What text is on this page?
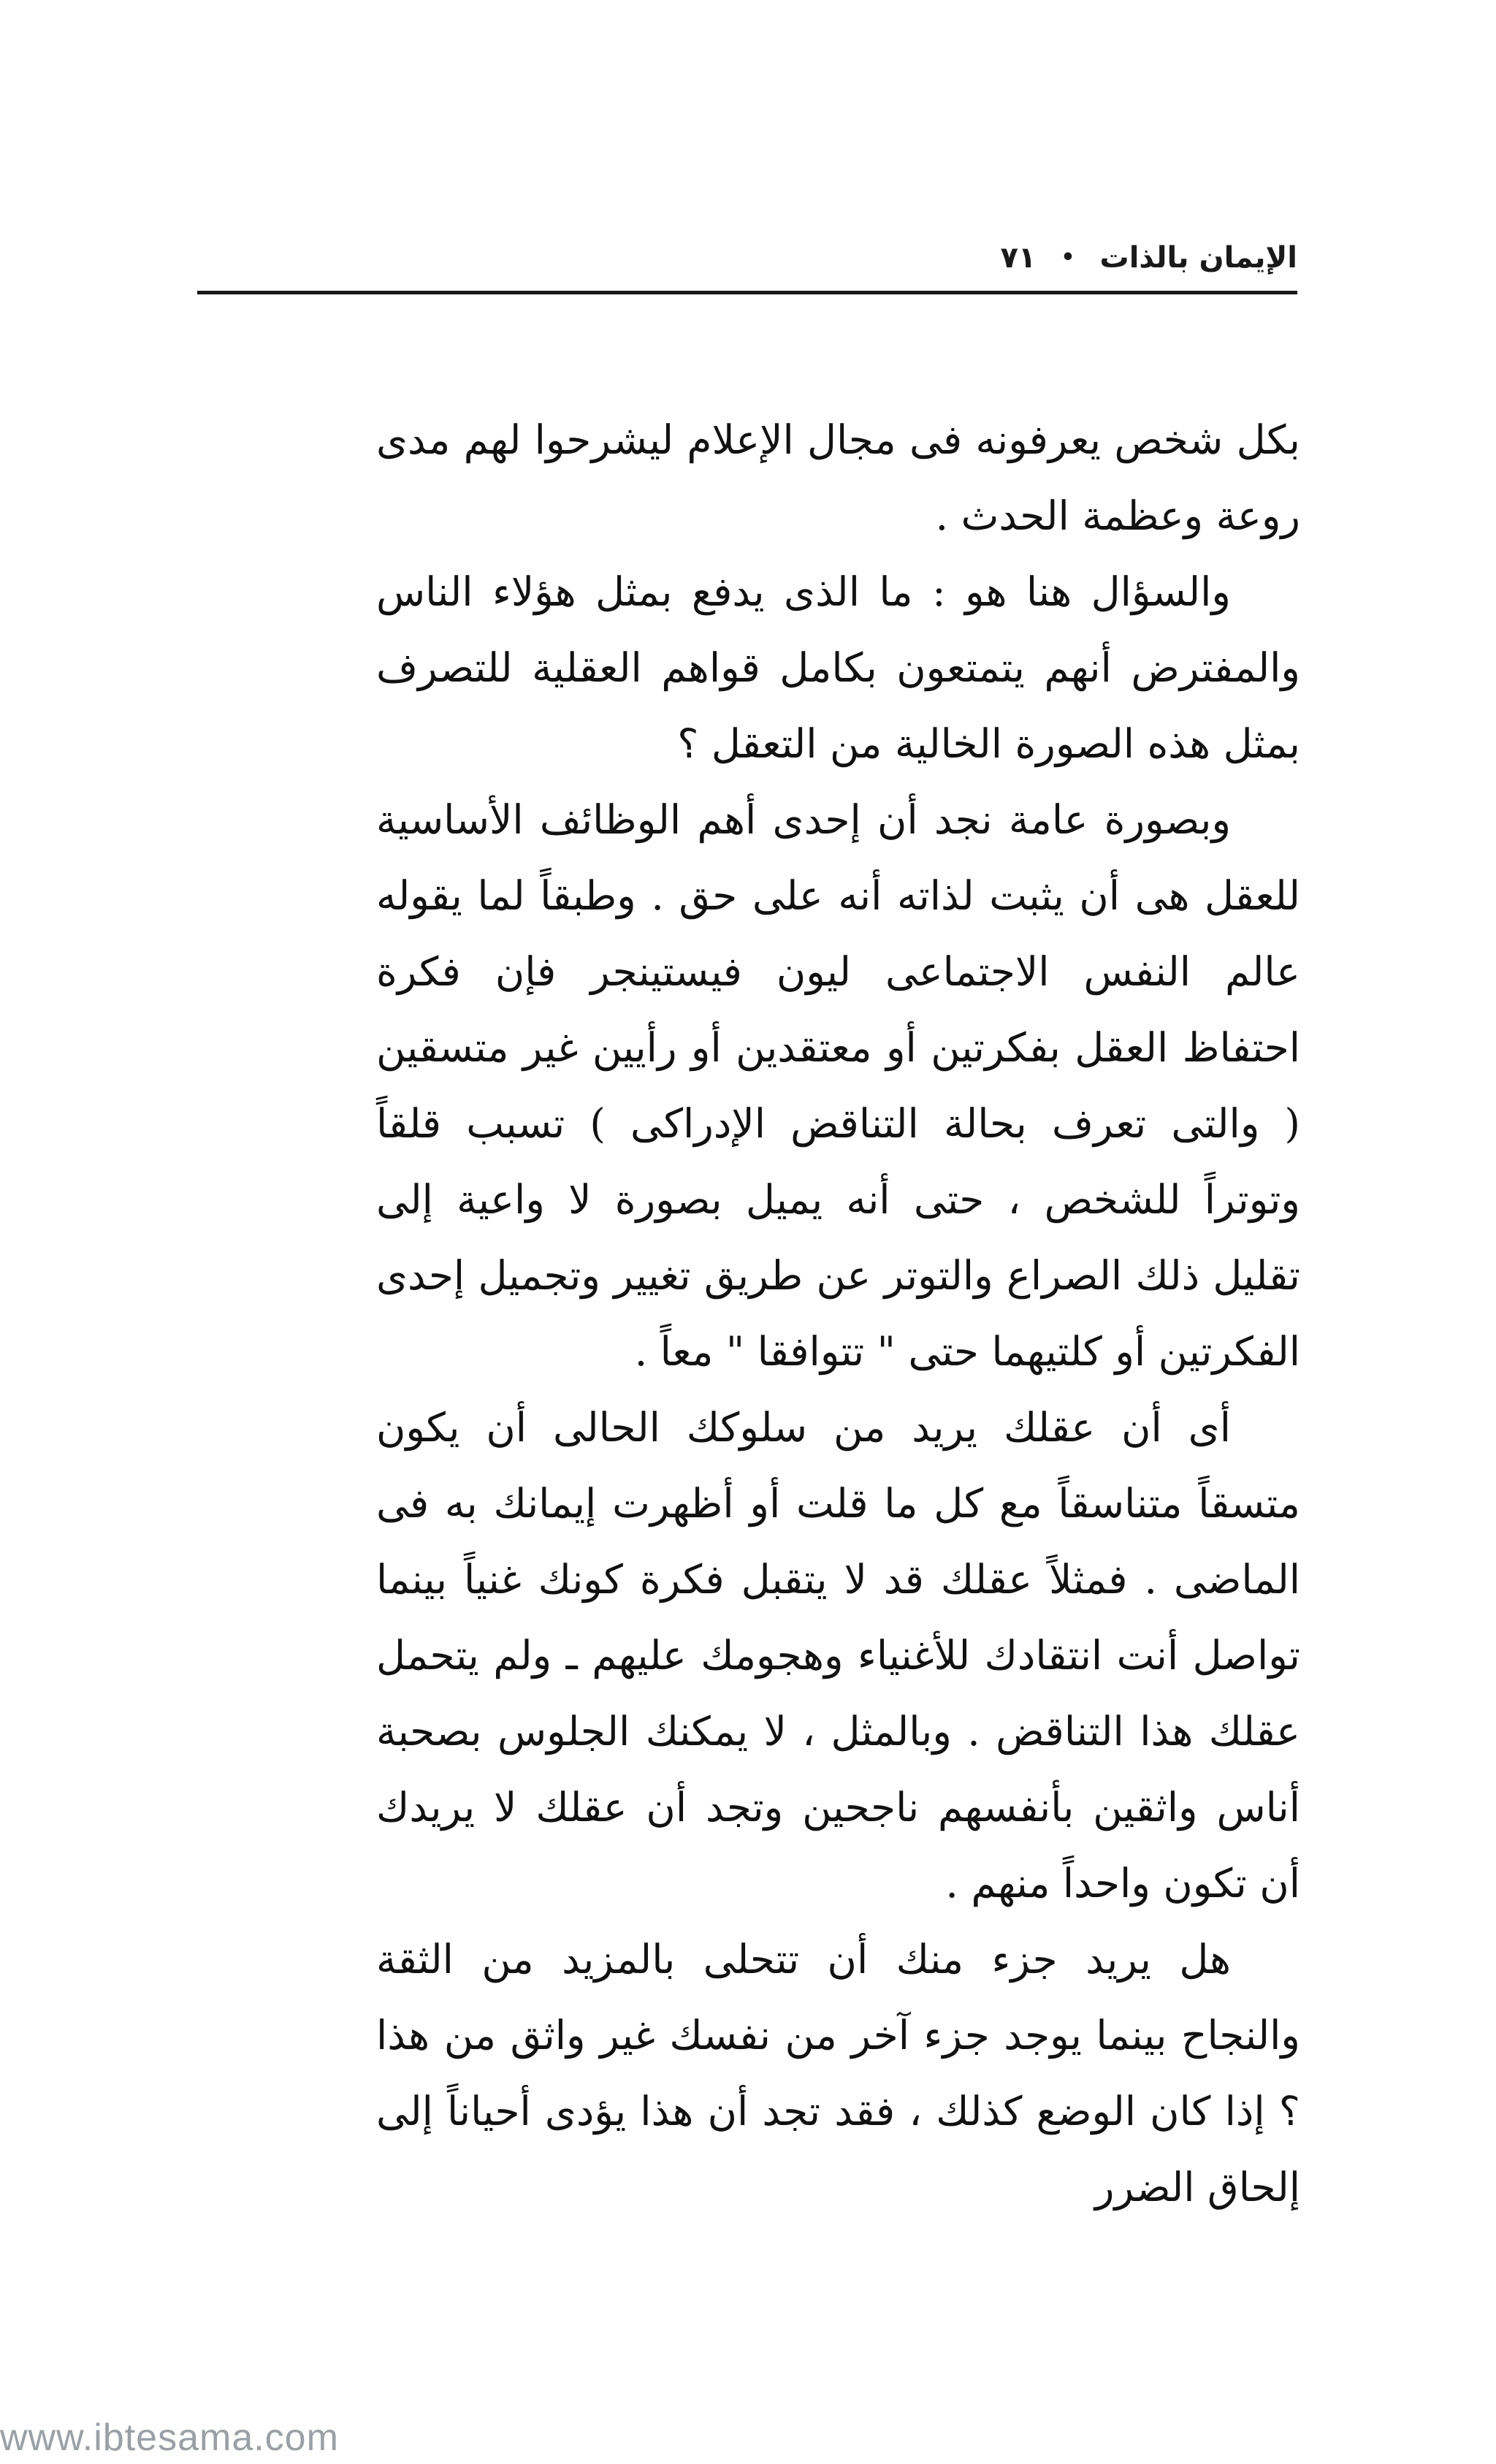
الإيمان بالذات
•
٧١

بكل شخص يعرفونه فى مجال الإعلام ليشرحوا لهم مدى روعة وعظمة الحدث .

والسؤال هنا هو : ما الذى يدفع بمثل هؤلاء الناس والمفترض أنهم يتمتعون بكامل قواهم العقلية للتصرف بمثل هذه الصورة الخالية من التعقل ؟

وبصورة عامة نجد أن إحدى أهم الوظائف الأساسية للعقل هى أن يثبت لذاته أنه على حق . وطبقاً لما يقوله عالم النفس الاجتماعى ليون فيستينجر فإن فكرة احتفاظ العقل بفكرتين أو معتقدين أو رأيين غير متسقين ( والتى تعرف بحالة التناقض الإدراكى ) تسبب قلقاً وتوتراً للشخص ، حتى أنه يميل بصورة لا واعية إلى تقليل ذلك الصراع والتوتر عن طريق تغيير وتجميل إحدى الفكرتين أو كلتيهما حتى " تتوافقا " معاً .

أى أن عقلك يريد من سلوكك الحالى أن يكون متسقاً متناسقاً مع كل ما قلت أو أظهرت إيمانك به فى الماضى . فمثلاً عقلك قد لا يتقبل فكرة كونك غنياً بينما تواصل أنت انتقادك للأغنياء وهجومك عليهم ـ ولم يتحمل عقلك هذا التناقض . وبالمثل ، لا يمكنك الجلوس بصحبة أناس واثقين بأنفسهم ناجحين وتجد أن عقلك لا يريدك أن تكون واحداً منهم .

هل يريد جزء منك أن تتحلى بالمزيد من الثقة والنجاح بينما يوجد جزء آخر من نفسك غير واثق من هذا ؟ إذا كان الوضع كذلك ، فقد تجد أن هذا يؤدى أحياناً إلى إلحاق الضرر

www.ibtesama.com
